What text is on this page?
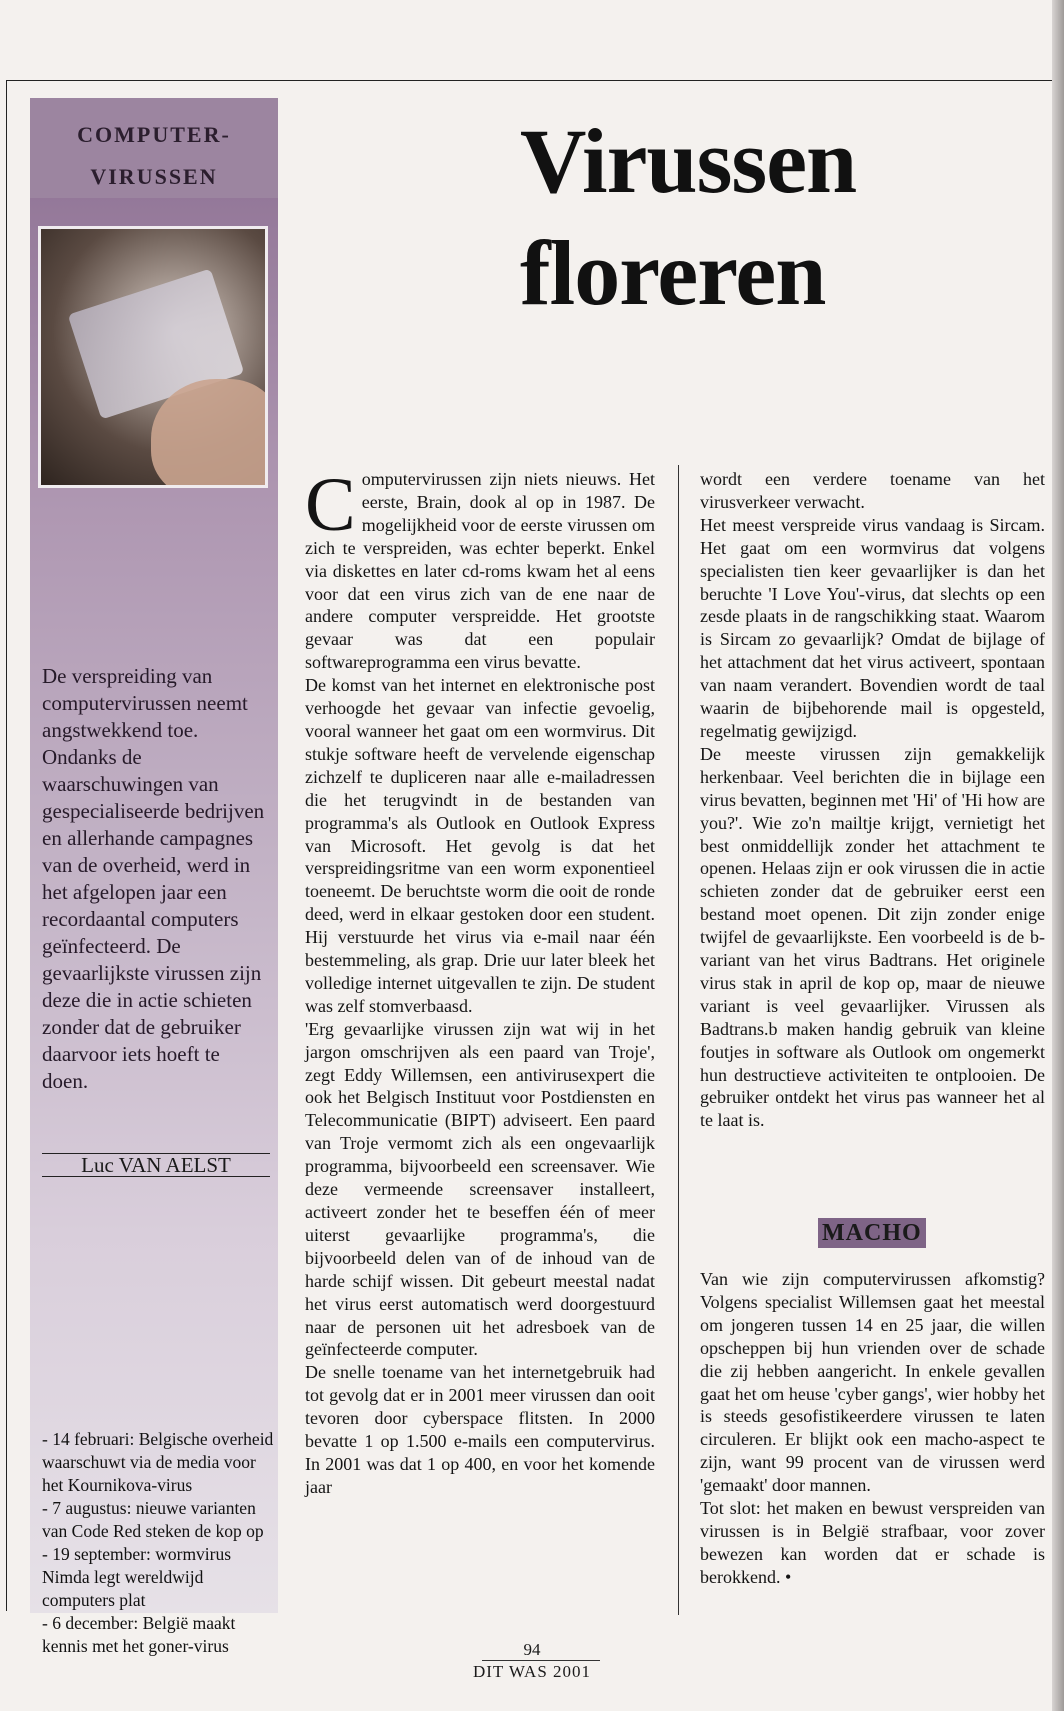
COMPUTER-
VIRUSSEN
De verspreiding van computervirussen neemt angstwekkend toe. Ondanks de waarschuwingen van gespecialiseerde bedrijven en allerhande campagnes van de overheid, werd in het afgelopen jaar een recordaantal computers geïnfecteerd. De gevaarlijkste virussen zijn deze die in actie schieten zonder dat de gebruiker daarvoor iets hoeft te doen.
Luc VAN AELST
- 14 februari: Belgische overheid waarschuwt via de media voor het Kournikova-virus
- 7 augustus: nieuwe varianten van Code Red steken de kop op
- 19 september: wormvirus Nimda legt wereldwijd computers plat
- 6 december: België maakt kennis met het goner-virus
Virussen
floreren

Computervirussen zijn niets nieuws. Het eerste, Brain, dook al op in 1987. De mogelijkheid voor de eerste virussen om zich te verspreiden, was echter beperkt. Enkel via diskettes en later cd-roms kwam het al eens voor dat een virus zich van de ene naar de andere computer verspreidde. Het grootste gevaar was dat een populair softwareprogramma een virus bevatte.

De komst van het internet en elektronische post verhoogde het gevaar van infectie gevoelig, vooral wanneer het gaat om een wormvirus. Dit stukje software heeft de vervelende eigenschap zichzelf te dupliceren naar alle e-mailadressen die het terugvindt in de bestanden van programma's als Outlook en Outlook Express van Microsoft. Het gevolg is dat het verspreidingsritme van een worm exponentieel toeneemt. De beruchtste worm die ooit de ronde deed, werd in elkaar gestoken door een student. Hij verstuurde het virus via e-mail naar één bestemmeling, als grap. Drie uur later bleek het volledige internet uitgevallen te zijn. De student was zelf stomverbaasd.

'Erg gevaarlijke virussen zijn wat wij in het jargon omschrijven als een paard van Troje', zegt Eddy Willemsen, een antivirusexpert die ook het Belgisch Instituut voor Postdiensten en Telecommunicatie (BIPT) adviseert. Een paard van Troje vermomt zich als een ongevaarlijk programma, bijvoorbeeld een screensaver. Wie deze vermeende screensaver installeert, activeert zonder het te beseffen één of meer uiterst gevaarlijke programma's, die bijvoorbeeld delen van of de inhoud van de harde schijf wissen. Dit gebeurt meestal nadat het virus eerst automatisch werd doorgestuurd naar de personen uit het adresboek van de geïnfecteerde computer.

De snelle toename van het internetgebruik had tot gevolg dat er in 2001 meer virussen dan ooit tevoren door cyberspace flitsten. In 2000 bevatte 1 op 1.500 e-mails een computervirus. In 2001 was dat 1 op 400, en voor het komende jaar

wordt een verdere toename van het virusverkeer verwacht.

Het meest verspreide virus vandaag is Sircam. Het gaat om een wormvirus dat volgens specialisten tien keer gevaarlijker is dan het beruchte 'I Love You'-virus, dat slechts op een zesde plaats in de rangschikking staat. Waarom is Sircam zo gevaarlijk? Omdat de bijlage of het attachment dat het virus activeert, spontaan van naam verandert. Bovendien wordt de taal waarin de bijbehorende mail is opgesteld, regelmatig gewijzigd.

De meeste virussen zijn gemakkelijk herkenbaar. Veel berichten die in bijlage een virus bevatten, beginnen met 'Hi' of 'Hi how are you?'. Wie zo'n mailtje krijgt, vernietigt het best onmiddellijk zonder het attachment te openen. Helaas zijn er ook virussen die in actie schieten zonder dat de gebruiker eerst een bestand moet openen. Dit zijn zonder enige twijfel de gevaarlijkste. Een voorbeeld is de b-variant van het virus Badtrans. Het originele virus stak in april de kop op, maar de nieuwe variant is veel gevaarlijker. Virussen als Badtrans.b maken handig gebruik van kleine foutjes in software als Outlook om ongemerkt hun destructieve activiteiten te ontplooien. De gebruiker ontdekt het virus pas wanneer het al te laat is.

MACHO

Van wie zijn computervirussen afkomstig? Volgens specialist Willemsen gaat het meestal om jongeren tussen 14 en 25 jaar, die willen opscheppen bij hun vrienden over de schade die zij hebben aangericht. In enkele gevallen gaat het om heuse 'cyber gangs', wier hobby het is steeds gesofistikeerdere virussen te laten circuleren. Er blijkt ook een macho-aspect te zijn, want 99 procent van de virussen werd 'gemaakt' door mannen.

Tot slot: het maken en bewust verspreiden van virussen is in België strafbaar, voor zover bewezen kan worden dat er schade is berokkend. •

94
DIT WAS 2001
